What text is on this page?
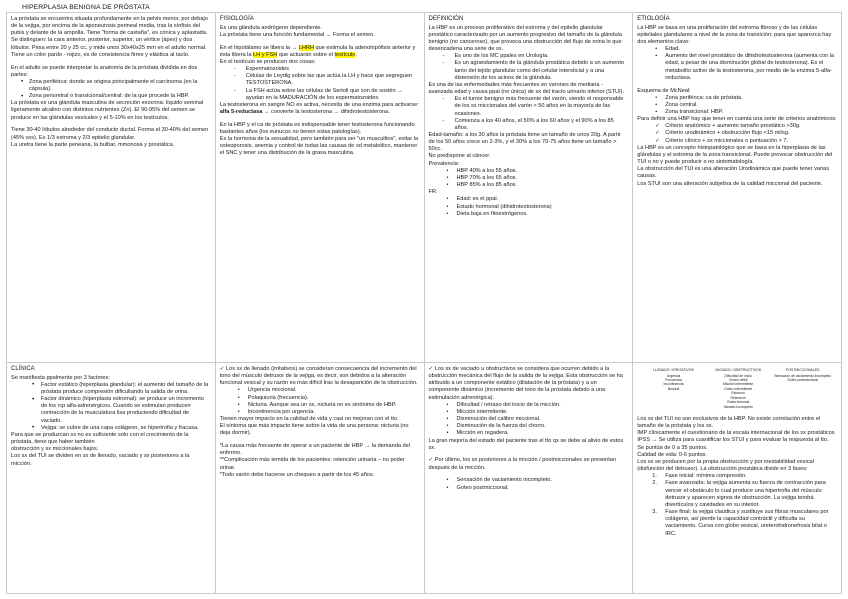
HIPERPLASIA BENIGNA DE PRÓSTATA

La próstata se encuentra situada profundamente en la pelvis menor, por debajo de la vejiga, por encima de la aponeurosis perineal media, tras la sínfisis del pubis y delante de la ampolla. Tiene "forma de castaña", es cónica y aplastada.

Se distinguen: la cara anterior, posterior, superior, un vértice (ápex) y dos lóbulos. Pesa entre 20 y 25 cc, y mide unos 30x40x25 mm en el adulto normal. Tiene un color pardo - rojizo, es de consistencia firme y elástica al tacto.

En el adulto se puede interpretar la anatomía de la próstata dividida en dos partes:

• Zona periférica: donde se origina principalmente el carcinoma (en la cápsula).
• Zona periuretral o transicional/central: de la que procede la HBP.

La próstata es una glándula masculina de secreción exocrina: líquido seminal ligeramente alcalino con distintos nutrientes (Zn). El 90-95% del semen se produce en las glándulas vesicales y el 5-10% en los testículos.

Tiene 30-40 lóbulos alrededor del conducto ductal. Forma el 30-40% del semen (45% vss). Es 1/3 estroma y 2/3 epitelio glandular.

La uretra tiene la parte peneana, la bulbar, mmonosa y prostática.

FISIOLOGÍA

Es una glándula andrógeno dependiente.

La próstata tiene una función fundamental → Forma el semen.

En el hipotálamo se libera la → LHRH que estimula la adenohipófisis anterior y ésta libera la LH y FSH que actuarán sobre el testículo.

En el testículo se producen dos cosas:

- Espermatozoides
- Células de Leydig sobre las que actúa la LH y hace que segreguen TESTOSTERONA.
- La FSH actúa sobre las células de Sertoli que son de sostén → ayudan en la MADURACIÓN de los espermatozoides.

La testosterona en sangre NO es activa, necesita de una enzima para activarse: alfa 5-reductasa → convierte la testosterona → dihidrotestosterona.

En la HBP y el ca de próstata es indispensable tener testosterona funcionando bastantes años (los eunucos no tienen estas patologías).

Es la hormona de la sexualidad, pero también para ser "un musculitos", evitar la osteoporosis, anemia y control de todas las causas de sd metabólico, mantener el SNC y tener una distribución de la grasa masculina.

DEFINICIÓN

La HBP es un proceso proliferativo del estroma y del epitelio glandular prostático caracterizado por un aumento progresivo del tamaño de la glándula benigno (no canceroso), que provoca una obstrucción del flujo de orina lo que desencadena una serie de sx.

- Es uno de los MC ppales en Urología.
- Es un agrandamiento de la glándula prostática debido a un aumento tanto del tejido glandular como del celular intersticial y a una distensión de los acinos de la glándula.

Es una de las enfermedades más frecuentes en varones de mediana - avanzada edad y causa ppal (no única) de sx del tracto urinario inferior (STUI).

- Es el tumor benigno más frecuente del varón, siendo el responsable de los sx miccionales del varón > 50 años en la mayoría de las ocasiones.
- Comienza a los 40 años, el 50% a los 60 años y el 90% a los 85 años.

Edad-tamaño: a los 30 años la próstata tiene un tamaño de unos 20g. A partir de los 50 años crece un 2-3%, y el 30% a los 70-75 años tiene un tamaño > 50cc.

No predispone al cáncer.

Prevalencia:

• HBP 40% a los 55 años.
• HBP 70% a los 65 años.
• HBP 85% a los 85 años.

FR:

• Edad: es el ppal.
• Estado hormonal (dihidrotestosterona)
• Dieta baja en fitoestrógenos.
ETIOLOGÍA

La HBP se basa en una proliferación del estroma fibroso y de las células epiteliales glandulares a nivel de la zona de transición; para que aparezca hay dos elementos clave:

• Edad.
• Aumento del nivel prostático de dihidrotestosterona (aumenta con la edad, a pesar de una disminución global de testosterona). Es el metabolito activo de la testosterona, por medio de la enzima 5-alfa-reductasa.

Esquema de McNeal:

• Zona periférica: ca de próstata.
• Zona central.
• Zona transicional: HBP.

Para definir una HBP hay que tener en cuenta una serie de criterios anatómicos:

✓ Criterio anatómico + aumento tamaño prostático >30g.
✓ Criterio urodinámico + obstrucción flujo <15 ml/sg.
✓ Criterio clínico + sx miccionales o puntuación > 7.

La HBP es un concepto histopatológico que se basa en la hiperplasia de las glándulas y el estroma de la zona transicional. Puede provocar obstrucción del TUI o no y puede producir o no sintomatología.

La obstrucción del TUI es una alteración Urodinámica que puede tener varias causas.

Los STUI son una alteración subjetiva de la calidad miccional del paciente.

CLÍNICA

Se manifiesta ppalmente por 3 factores:

• Factor estático (hiperplasia glandular): el aumento del tamaño de la próstata produce compresión dificultando la salida de orina.
• Factor dinámico (hiperplasia estromal): se produce un incremento de los rcp alfa-adrenérgicos. Cuando se estimulan producen contracción de la musculatura lisa produciendo dificultad de vaciado.
• Vejiga: se cubre de una capa colágeno, se hipertrofia y fracasa.

Para que se produzcan sx no es suficiente solo con el crecimiento de la próstata, tiene que haber también

obstrucción y sx miccionales bajos.

Los sx del TUI se dividen en sx de llenado, vaciado y sx posteriores a la micción.

✓ Los sx de llenado (irritativos) se consideran consecuencia del incremento del tono del músculo detrusor de la vejiga, es decir, son debidos a la alteración funcional vesical y su razón es más difícil tras la desaparición de la obstrucción.

• Urgencia miccional.
• Polaquiuria (frecuencia).
• Nicturia. Aunque sea un sx, nicturia no es sinónimo de HBP.
• Incontinencia por urgencia.

Tienen mayor impacto en la calidad de vida y casi no mejoran con el tto.

El síntoma que más impacto tiene sobre la vida de una persona: nicturia (no deja dormir).

*La causa más frecuente de operar a un paciente de HBP → la demanda del enfermo.

**Complicación más temida de los pacientes: retención urinaria – no poder orinar.

*Todo varón debe hacerse un chequeo a partir de los 45 años.

✓ Los sx de vaciado u obstructivos se considera que ocurren debido a la obstrucción mecánica del flujo de la salida de la vejiga. Esta obstrucción se ha atribuido a un componente estático (dilatación de la próstata) y a un componente dinámico (incremento del tono de la próstata debido a una estimulación adrenérgica).

• Dificultad / retraso del inicio de la micción.
• Micción intermitente.
• Disminución del calibre miccional.
• Disminución de la fuerza del chorro.
• Micción en regadera.

La gran mejoría del estado del paciente tras el tto qx se debe al alivio de estos sx.

✓ Por último, los sx posteriores a la micción / postmiccionales se presentan después de la micción.

• Sensación de vaciamiento incompleto.
• Goteo postmiccional.
LLENADO / IRRITATIVOS
Urgencia
Frecuencia
Incontinencia
Nicturia
VACIADO / OBSTRUCTIVOS
Dificultad de inicio
Chorro débil
Micción intermitente
Goteo intermitente
Esfuerzo
Retención
Goteo terminal
Vaciado incompleto
POSTMICCIONALES
Sensación de vaciamiento incompleto
Goteo postmiccional

Los sx del TUI no son exclusivos de la HBP. No existe correlación entre el tamaño de la próstata y los sx.

IMP clínicamente el cuestionario de la escala internacional de los sx prostáticos IPSS → Se utiliza para cuantificar los STUI y para evaluar la respuesta al tto.

Se puntúa de 0 a 35 puntos.

Calidad de vida: 0-6 puntos.

Los sx se producen por la propia obstrucción y por inestabilidad vesical (disfunción del detrusor). La obstrucción prostática divide en 3 fases:

1. Fase inicial: mínima compresión.
2. Fase avanzada: la vejiga aumenta su fuerza de contracción para vencer el obstáculo lo cual produce una hipertrofia del músculo detrusor y aparecen signos de obstrucción. La vejiga tendrá divertículos y cavidades en su interior.
3. Fase final: la vejiga claudica y sustituye sus fibras musculares por colágeno, así pierde la capacidad contráctil y dificulta su vaciamiento. Cursa con globo vesical, ureterohidronefrosis bilat o IRC.
